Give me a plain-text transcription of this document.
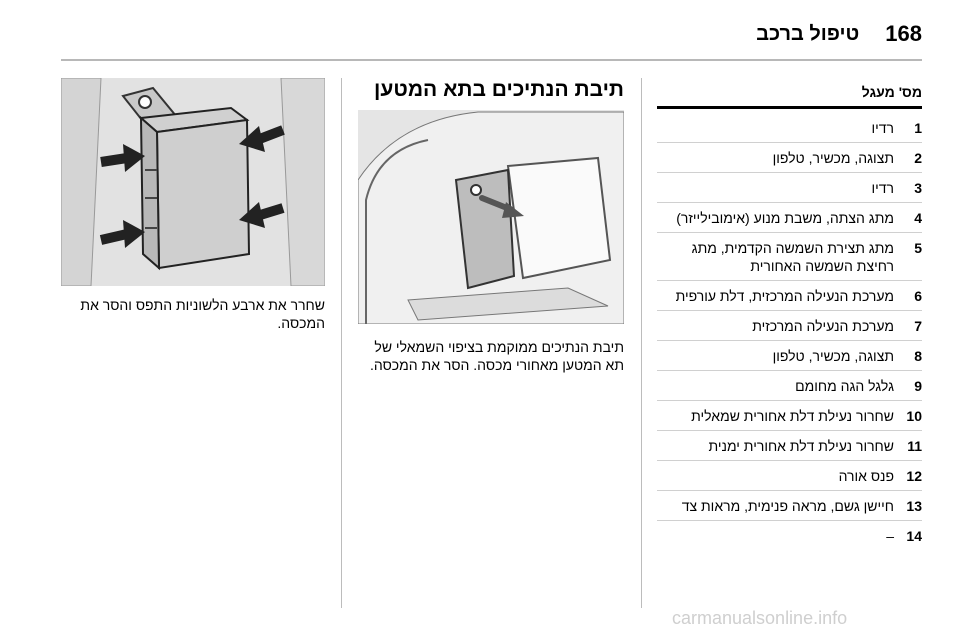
168
טיפול ברכב
מס' מעגל
1
רדיו
2
תצוגה, מכשיר, טלפון
3
רדיו
4
מתג הצתה, משבת מנוע (אימובילייזר)
5
מתג תצירת השמשה הקדמית, מתג רחיצת השמשה האחורית
6
מערכת הנעילה המרכזית, דלת עורפית
7
מערכת הנעילה המרכזית
8
תצוגה, מכשיר, טלפון
9
גלגל הגה מחומם
10
שחרור נעילת דלת אחורית שמאלית
11
שחרור נעילת דלת אחורית ימנית
12
פנס אורה
13
חיישן גשם, מראה פנימית, מראות צד
14
–
תיבת הנתיכים בתא המטען
תיבת הנתיכים ממוקמת בציפוי השמאלי של תא המטען מאחורי מכסה. הסר את המכסה.
שחרר את ארבע הלשוניות התפס והסר את המכסה.
carmanualsonline.info
